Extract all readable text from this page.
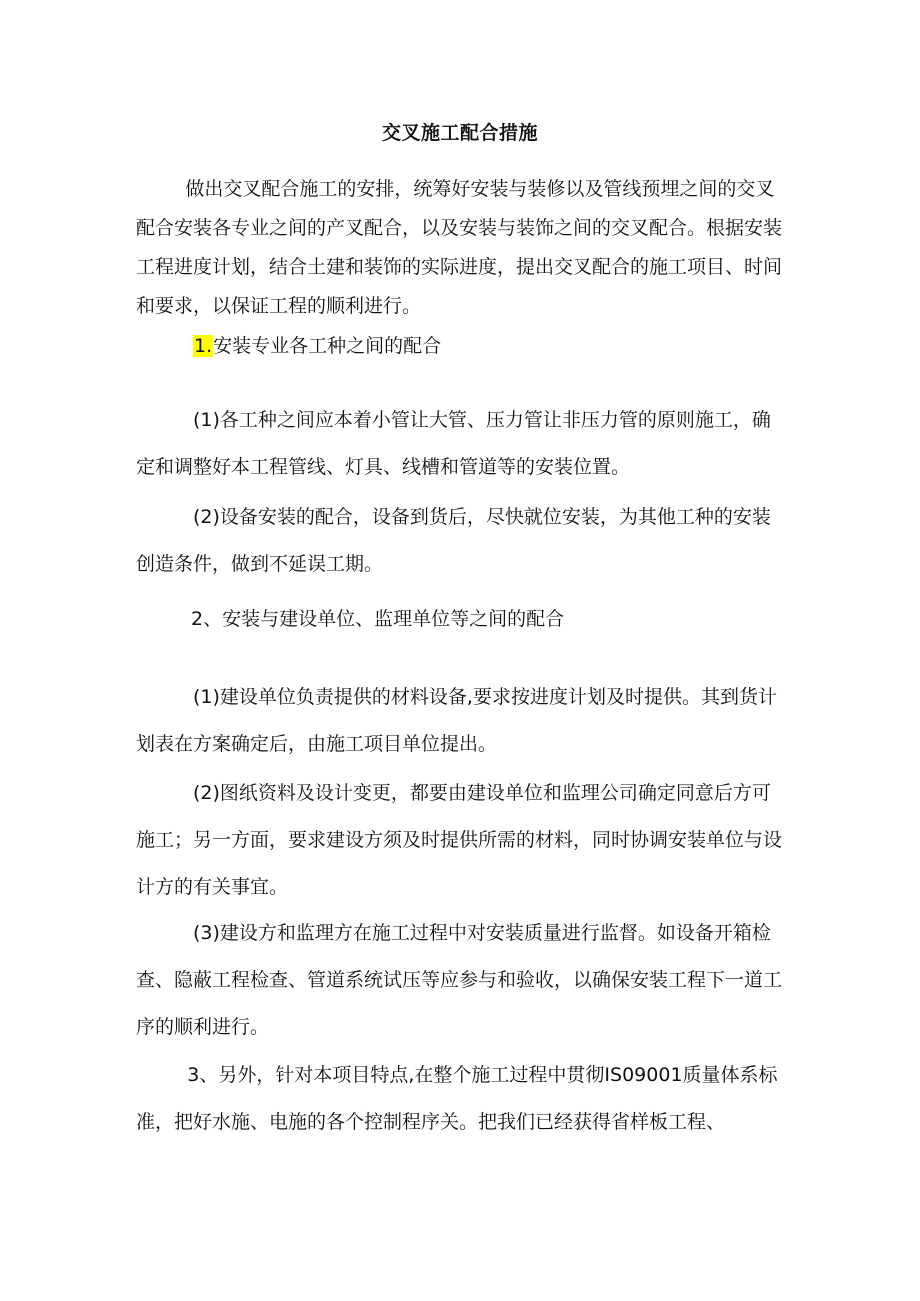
交叉施工配合措施
做出交叉配合施工的安排，统筹好安装与装修以及管线预埋之间的交叉配合安装各专业之间的产叉配合，以及安装与装饰之间的交叉配合。根据安装工程进度计划，结合土建和装饰的实际进度，提出交叉配合的施工项目、时间和要求，以保证工程的顺利进行。
1.安装专业各工种之间的配合
(1)各工种之间应本着小管让大管、压力管让非压力管的原则施工，确定和调整好本工程管线、灯具、线槽和管道等的安装位置。
(2)设备安装的配合，设备到货后，尽快就位安装，为其他工种的安装创造条件，做到不延误工期。
2、安装与建设单位、监理单位等之间的配合
(1)建设单位负责提供的材料设备,要求按进度计划及时提供。其到货计划表在方案确定后，由施工项目单位提出。
(2)图纸资料及设计变更，都要由建设单位和监理公司确定同意后方可施工；另一方面，要求建设方须及时提供所需的材料，同时协调安装单位与设计方的有关事宜。
(3)建设方和监理方在施工过程中对安装质量进行监督。如设备开箱检查、隐蔽工程检查、管道系统试压等应参与和验收，以确保安装工程下一道工序的顺利进行。
3、另外，针对本项目特点,在整个施工过程中贯彻IS09001质量体系标准，把好水施、电施的各个控制程序关。把我们已经获得省样板工程、
